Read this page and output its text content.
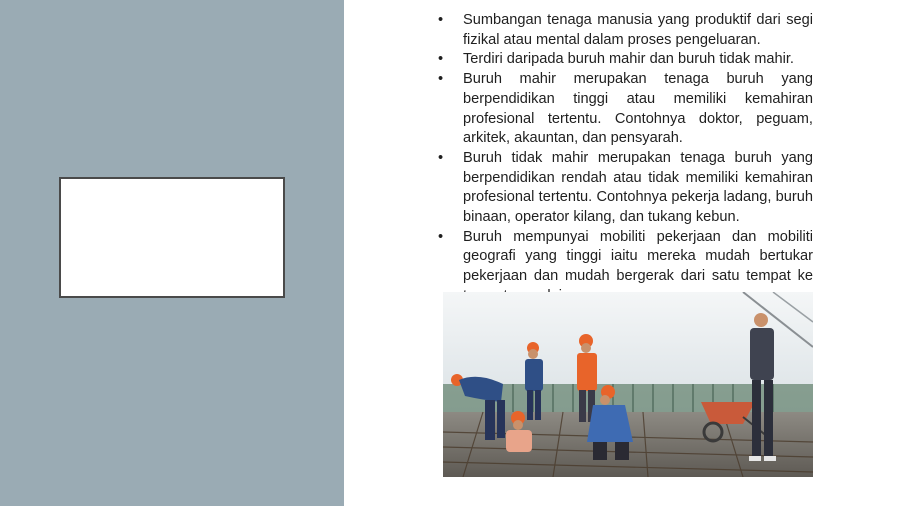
• Sumbangan tenaga manusia yang produktif dari segi fizikal atau mental dalam proses pengeluaran.
• Terdiri daripada buruh mahir dan buruh tidak mahir.
• Buruh mahir merupakan tenaga buruh yang berpendidikan tinggi atau memiliki kemahiran profesional tertentu. Contohnya doktor, peguam, arkitek, akauntan, dan pensyarah.
• Buruh tidak mahir merupakan tenaga buruh yang berpendidikan rendah atau tidak memiliki kemahiran profesional tertentu. Contohnya pekerja ladang, buruh binaan, operator kilang, dan tukang kebun.
• Buruh mempunyai mobiliti pekerjaan dan mobiliti geografi yang tinggi iaitu mereka mudah bertukar pekerjaan dan mudah bergerak dari satu tempat ke
